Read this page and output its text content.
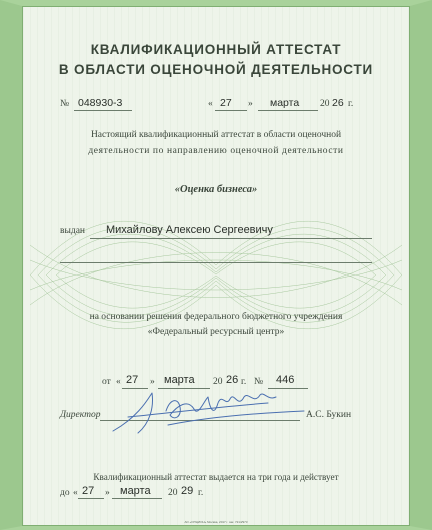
КВАЛИФИКАЦИОННЫЙ АТТЕСТАТ
В ОБЛАСТИ ОЦЕНОЧНОЙ ДЕЯТЕЛЬНОСТИ
№ 048930-3	« 27 » марта 20 26 г.
Настоящий квалификационный аттестат в области оценочной
деятельности по направлению оценочной деятельности
«Оценка бизнеса»
выдан Михайлову Алексею Сергеевичу
на основании решения федерального бюджетного учреждения
«Федеральный ресурсный центр»
от « 27 » марта 20 26 г. № 446
Директор	А.С. Букин
Квалификационный аттестат выдается на три года и действует
до « 27 » марта 20 29 г.
АО «ОПЦИОН» Москва, 2017 г. зак. 7214/973
